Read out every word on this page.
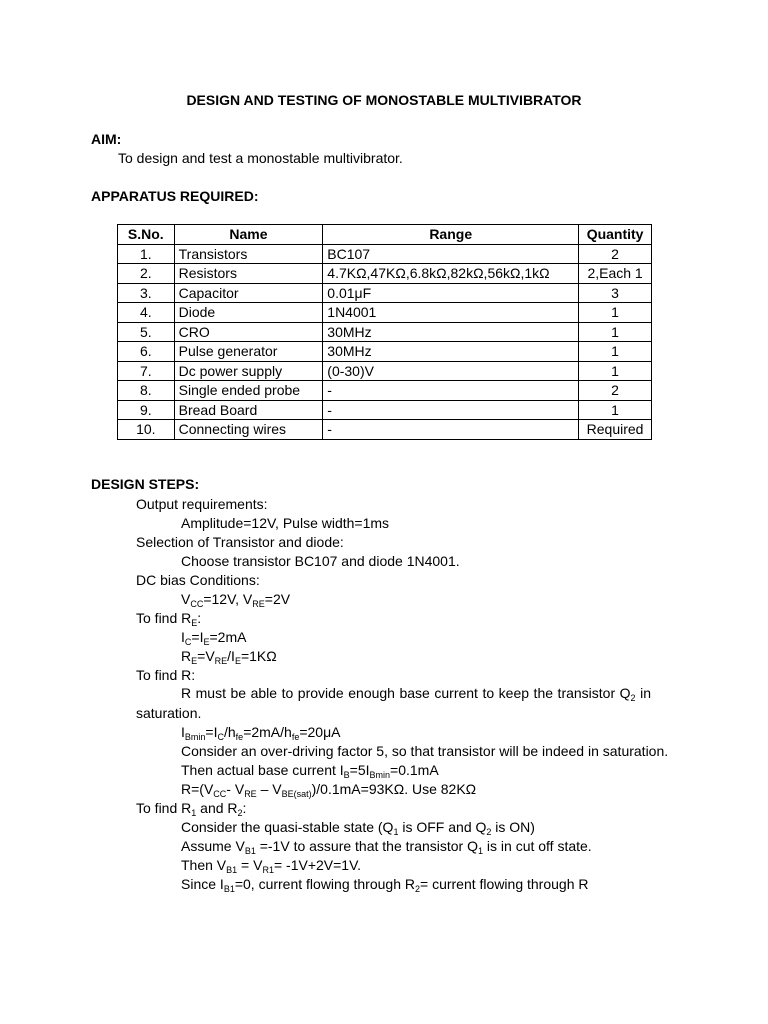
DESIGN AND TESTING OF MONOSTABLE MULTIVIBRATOR
AIM:
To design and test a monostable multivibrator.
APPARATUS REQUIRED:
S.No.	Name	Range	Quantity
1.	Transistors	BC107	2
2.	Resistors	4.7KΩ,47KΩ,6.8kΩ,82kΩ,56kΩ,1kΩ	2,Each 1
3.	Capacitor	0.01μF	3
4.	Diode	1N4001	1
5.	CRO	30MHz	1
6.	Pulse generator	30MHz	1
7.	Dc power supply	(0-30)V	1
8.	Single ended probe	-	2
9.	Bread Board	-	1
10.	Connecting wires	-	Required
DESIGN STEPS:
Output requirements:
Amplitude=12V, Pulse width=1ms
Selection of Transistor and diode:
Choose transistor BC107 and diode 1N4001.
DC bias Conditions:
$V_{CC}=12V$, $V_{RE}=2V$
To find $R_E$:
$I_C=I_E=2mA$
$R_E=V_{RE}/I_E=1K\Omega$
To find R:
R must be able to provide enough base current to keep the transistor $Q_2$ in
saturation.
$I_{Bmin}=I_C/h_{fe}=2mA/h_{fe}=20\mu A$
Consider an over-driving factor 5, so that transistor will be indeed in saturation.
Then actual base current $I_B=5I_{Bmin}=0.1mA$
$R=(V_{CC}-$ $V_{RE} - V_{BE(sat)})/0.1mA=93K\Omega$. Use 82KΩ
To find $R_1$ and $R_2$:
Consider the quasi-stable state ($Q_1$ is OFF and $Q_2$ is ON)
Assume $V_{B1} =-1V$ to assure that the transistor $Q_1$ is in cut off state.
Then $V_{B1} = V_{R1}= -1V+2V=1V$.
Since $I_{B1}=0$, current flowing through $R_2=$ current flowing through R
